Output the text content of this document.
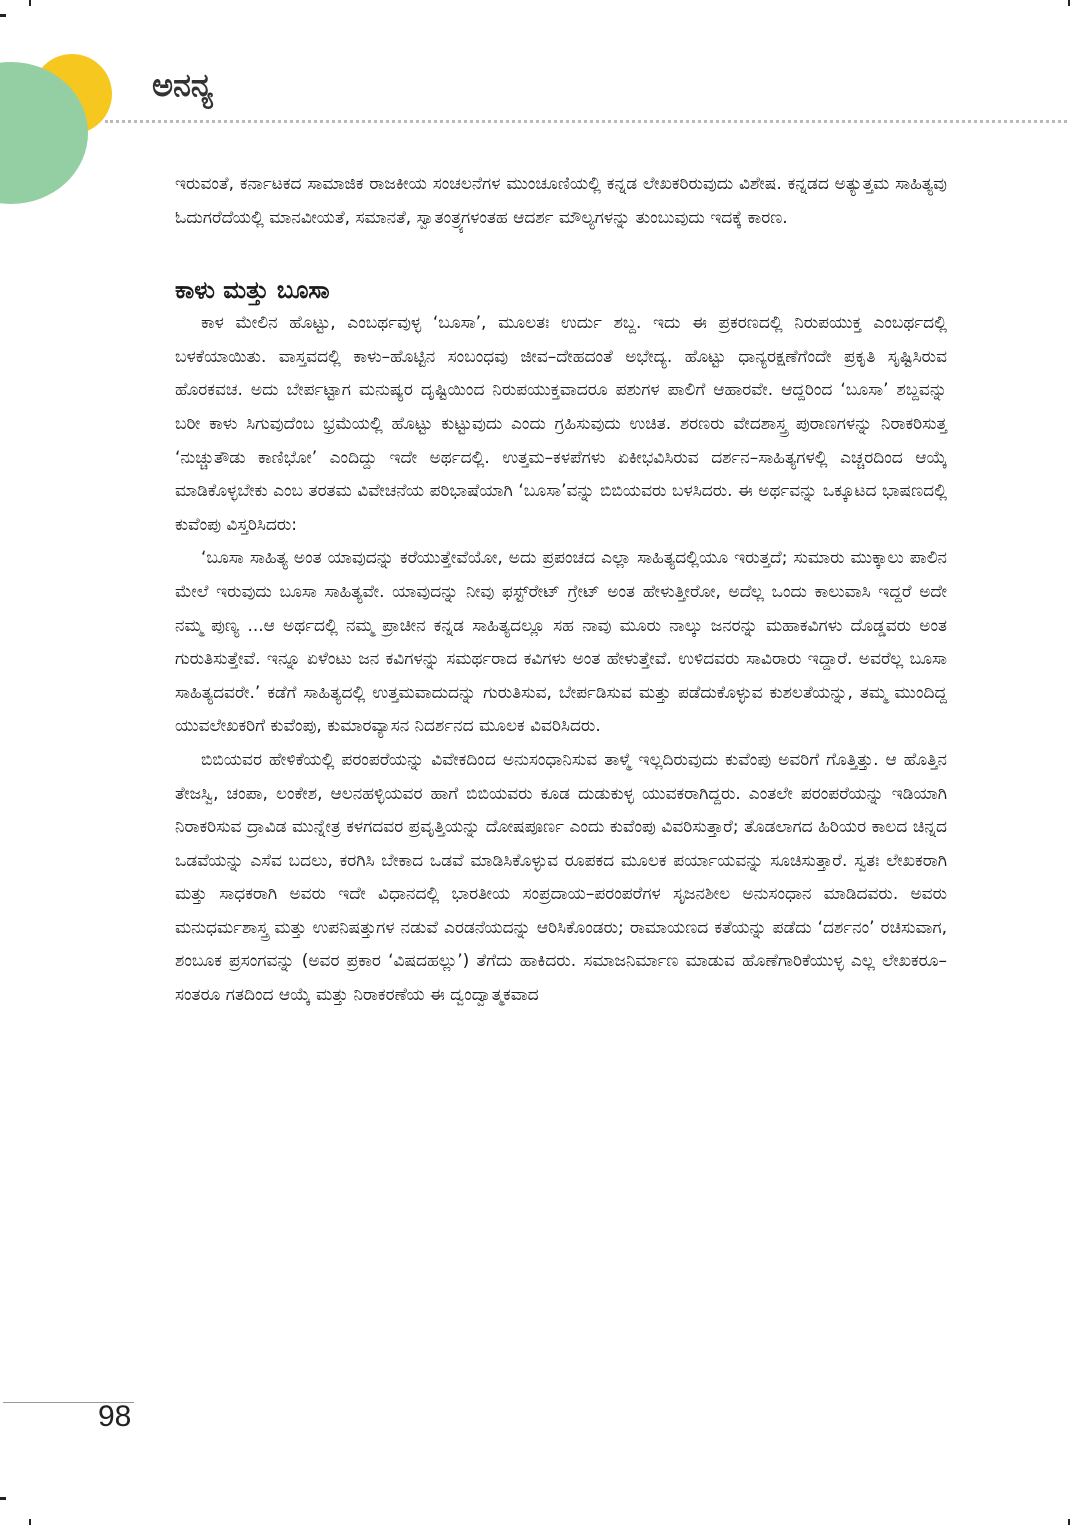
ಅನನ್ಯ

ಇರುವಂತೆ, ಕರ್ನಾಟಕದ ಸಾಮಾಜಿಕ ರಾಜಕೀಯ ಸಂಚಲನೆಗಳ ಮುಂಚೂಣಿಯಲ್ಲಿ ಕನ್ನಡ ಲೇಖಕರಿರುವುದು ವಿಶೇಷ. ಕನ್ನಡದ ಅತ್ಯುತ್ತಮ ಸಾಹಿತ್ಯವು ಓದುಗರೆದೆಯಲ್ಲಿ ಮಾನವೀಯತೆ, ಸಮಾನತೆ, ಸ್ವಾತಂತ್ರ್ಯಗಳಂತಹ ಆದರ್ಶ ಮೌಲ್ಯಗಳನ್ನು ತುಂಬುವುದು ಇದಕ್ಕೆ ಕಾರಣ.

ಕಾಳು ಮತ್ತು ಬೂಸಾ

ಕಾಳ ಮೇಲಿನ ಹೊಟ್ಟು, ಎಂಬರ್ಥವುಳ್ಳ ‘ಬೂಸಾ’, ಮೂಲತಃ ಉರ್ದು ಶಬ್ದ. ಇದು ಈ ಪ್ರಕರಣದಲ್ಲಿ ನಿರುಪಯುಕ್ತ ಎಂಬರ್ಥದಲ್ಲಿ ಬಳಕೆಯಾಯಿತು. ವಾಸ್ತವದಲ್ಲಿ ಕಾಳು–ಹೊಟ್ಟಿನ ಸಂಬಂಧವು ಜೀವ–ದೇಹದಂತೆ ಅಭೇದ್ಯ. ಹೊಟ್ಟು ಧಾನ್ಯರಕ್ಷಣೆಗೆಂದೇ ಪ್ರಕೃತಿ ಸೃಷ್ಟಿಸಿರುವ ಹೊರಕವಚ. ಅದು ಬೇರ್ಪಟ್ಟಾಗ ಮನುಷ್ಯರ ದೃಷ್ಟಿಯಿಂದ ನಿರುಪಯುಕ್ತವಾದರೂ ಪಶುಗಳ ಪಾಲಿಗೆ ಆಹಾರವೇ. ಆದ್ದರಿಂದ ‘ಬೂಸಾ’ ಶಬ್ದವನ್ನು ಬರೀ ಕಾಳು ಸಿಗುವುದೆಂಬ ಭ್ರಮೆಯಲ್ಲಿ ಹೊಟ್ಟು ಕುಟ್ಟುವುದು ಎಂದು ಗ್ರಹಿಸುವುದು ಉಚಿತ. ಶರಣರು ವೇದಶಾಸ್ತ್ರ ಪುರಾಣಗಳನ್ನು ನಿರಾಕರಿಸುತ್ತ ‘ನುಚ್ಚುತೌಡು ಕಾಣಿಭೋ’ ಎಂದಿದ್ದು ಇದೇ ಅರ್ಥದಲ್ಲಿ. ಉತ್ತಮ–ಕಳಪೆಗಳು ಏಕೀಭವಿಸಿರುವ ದರ್ಶನ–ಸಾಹಿತ್ಯಗಳಲ್ಲಿ ಎಚ್ಚರದಿಂದ ಆಯ್ಕೆ ಮಾಡಿಕೊಳ್ಳಬೇಕು ಎಂಬ ತರತಮ ವಿವೇಚನೆಯ ಪರಿಭಾಷೆಯಾಗಿ ‘ಬೂಸಾ’ವನ್ನು ಬಿಬಿಯವರು ಬಳಸಿದರು. ಈ ಅರ್ಥವನ್ನು ಒಕ್ಕೂಟದ ಭಾಷಣದಲ್ಲಿ ಕುವೆಂಪು ವಿಸ್ತರಿಸಿದರು:

‘ಬೂಸಾ ಸಾಹಿತ್ಯ ಅಂತ ಯಾವುದನ್ನು ಕರೆಯುತ್ತೇವೆಯೋ, ಅದು ಪ್ರಪಂಚದ ಎಲ್ಲಾ ಸಾಹಿತ್ಯದಲ್ಲಿಯೂ ಇರುತ್ತದೆ; ಸುಮಾರು ಮುಕ್ಕಾಲು ಪಾಲಿನ ಮೇಲೆ ಇರುವುದು ಬೂಸಾ ಸಾಹಿತ್ಯವೇ. ಯಾವುದನ್ನು ನೀವು ಫಸ್ಟ್‌ರೇಟ್ ಗ್ರೇಟ್ ಅಂತ ಹೇಳುತ್ತೀರೋ, ಅದೆಲ್ಲ ಒಂದು ಕಾಲುವಾಸಿ ಇದ್ದರೆ ಅದೇ ನಮ್ಮ ಪುಣ್ಯ ...ಆ ಅರ್ಥದಲ್ಲಿ ನಮ್ಮ ಪ್ರಾಚೀನ ಕನ್ನಡ ಸಾಹಿತ್ಯದಲ್ಲೂ ಸಹ ನಾವು ಮೂರು ನಾಲ್ಕು ಜನರನ್ನು ಮಹಾಕವಿಗಳು ದೊಡ್ಡವರು ಅಂತ ಗುರುತಿಸುತ್ತೇವೆ. ಇನ್ನೂ ಏಳೆಂಟು ಜನ ಕವಿಗಳನ್ನು ಸಮರ್ಥರಾದ ಕವಿಗಳು ಅಂತ ಹೇಳುತ್ತೇವೆ. ಉಳಿದವರು ಸಾವಿರಾರು ಇದ್ದಾರೆ. ಅವರೆಲ್ಲ ಬೂಸಾ ಸಾಹಿತ್ಯದವರೇ.’ ಕಡೆಗೆ ಸಾಹಿತ್ಯದಲ್ಲಿ ಉತ್ತಮವಾದುದನ್ನು ಗುರುತಿಸುವ, ಬೇರ್ಪಡಿಸುವ ಮತ್ತು ಪಡೆದುಕೊಳ್ಳುವ ಕುಶಲತೆಯನ್ನು, ತಮ್ಮ ಮುಂದಿದ್ದ ಯುವಲೇಖಕರಿಗೆ ಕುವೆಂಪು, ಕುಮಾರವ್ಯಾಸನ ನಿದರ್ಶನದ ಮೂಲಕ ವಿವರಿಸಿದರು.

ಬಿಬಿಯವರ ಹೇಳಿಕೆಯಲ್ಲಿ ಪರಂಪರೆಯನ್ನು ವಿವೇಕದಿಂದ ಅನುಸಂಧಾನಿಸುವ ತಾಳ್ಮೆ ಇಲ್ಲದಿರುವುದು ಕುವೆಂಪು ಅವರಿಗೆ ಗೊತ್ತಿತ್ತು. ಆ ಹೊತ್ತಿನ ತೇಜಸ್ವಿ, ಚಂಪಾ, ಲಂಕೇಶ, ಆಲನಹಳ್ಳಿಯವರ ಹಾಗೆ ಬಿಬಿಯವರು ಕೂಡ ದುಡುಕುಳ್ಳ ಯುವಕರಾಗಿದ್ದರು. ಎಂತಲೇ ಪರಂಪರೆಯನ್ನು ಇಡಿಯಾಗಿ ನಿರಾಕರಿಸುವ ದ್ರಾವಿಡ ಮುನ್ನೇತ್ರ ಕಳಗದವರ ಪ್ರವೃತ್ತಿಯನ್ನು ದೋಷಪೂರ್ಣ ಎಂದು ಕುವೆಂಪು ವಿವರಿಸುತ್ತಾರೆ; ತೊಡಲಾಗದ ಹಿರಿಯರ ಕಾಲದ ಚಿನ್ನದ ಒಡವೆಯನ್ನು ಎಸೆವ ಬದಲು, ಕರಗಿಸಿ ಬೇಕಾದ ಒಡವೆ ಮಾಡಿಸಿಕೊಳ್ಳುವ ರೂಪಕದ ಮೂಲಕ ಪರ್ಯಾಯವನ್ನು ಸೂಚಿಸುತ್ತಾರೆ. ಸ್ವತಃ ಲೇಖಕರಾಗಿ ಮತ್ತು ಸಾಧಕರಾಗಿ ಅವರು ಇದೇ ವಿಧಾನದಲ್ಲಿ ಭಾರತೀಯ ಸಂಪ್ರದಾಯ–ಪರಂಪರೆಗಳ ಸೃಜನಶೀಲ ಅನುಸಂಧಾನ ಮಾಡಿದವರು. ಅವರು ಮನುಧರ್ಮಶಾಸ್ತ್ರ ಮತ್ತು ಉಪನಿಷತ್ತುಗಳ ನಡುವೆ ಎರಡನೆಯದನ್ನು ಆರಿಸಿಕೊಂಡರು; ರಾಮಾಯಣದ ಕತೆಯನ್ನು ಪಡೆದು ‘ದರ್ಶನಂ’ ರಚಿಸುವಾಗ, ಶಂಬೂಕ ಪ್ರಸಂಗವನ್ನು (ಅವರ ಪ್ರಕಾರ ‘ವಿಷದಹಲ್ಲು’) ತೆಗೆದು ಹಾಕಿದರು. ಸಮಾಜನಿರ್ಮಾಣ ಮಾಡುವ ಹೊಣೆಗಾರಿಕೆಯುಳ್ಳ ಎಲ್ಲ ಲೇಖಕರೂ–ಸಂತರೂ ಗತದಿಂದ ಆಯ್ಕೆ ಮತ್ತು ನಿರಾಕರಣೆಯ ಈ ದ್ವಂದ್ವಾತ್ಮಕವಾದ

98
